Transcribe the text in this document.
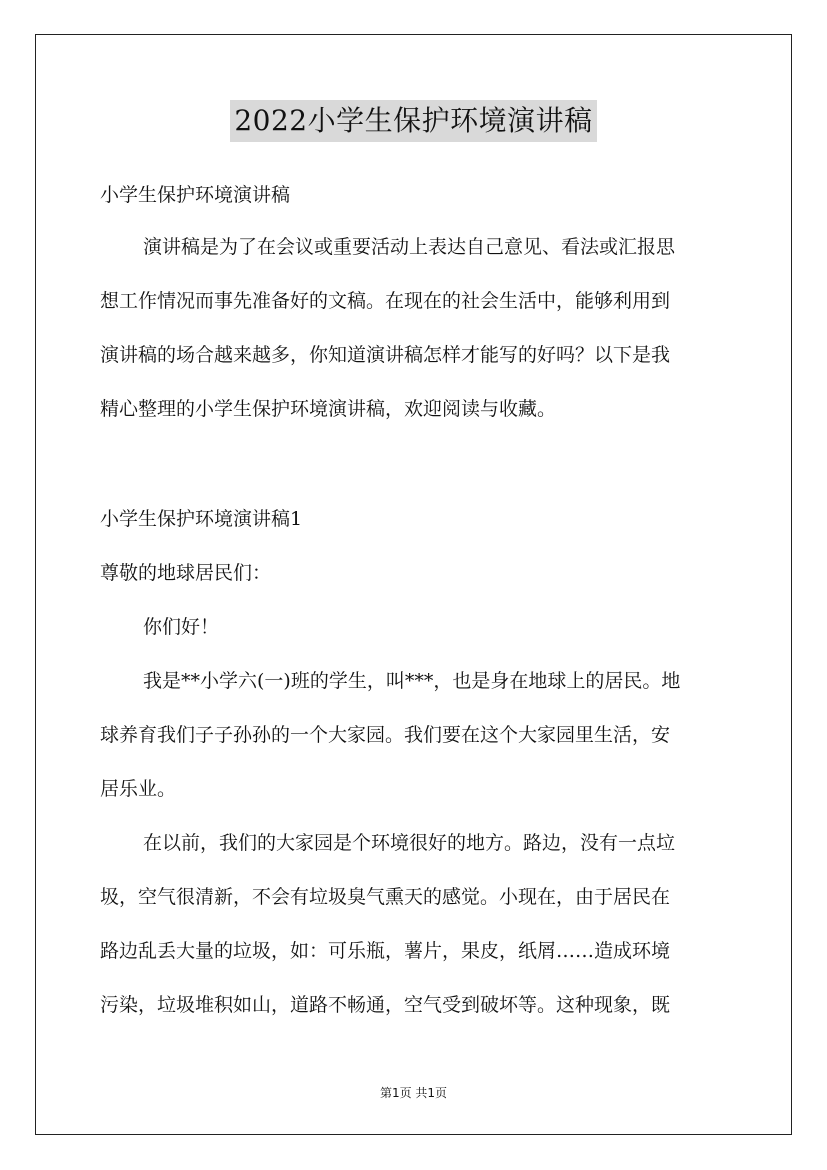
2022小学生保护环境演讲稿
小学生保护环境演讲稿
演讲稿是为了在会议或重要活动上表达自己意见、看法或汇报思
想工作情况而事先准备好的文稿。在现在的社会生活中，能够利用到
演讲稿的场合越来越多，你知道演讲稿怎样才能写的好吗？以下是我
精心整理的小学生保护环境演讲稿，欢迎阅读与收藏。
小学生保护环境演讲稿1
尊敬的地球居民们：
你们好！
我是**小学六(一)班的学生，叫***，也是身在地球上的居民。地
球养育我们子子孙孙的一个大家园。我们要在这个大家园里生活，安
居乐业。
在以前，我们的大家园是个环境很好的地方。路边，没有一点垃
圾，空气很清新，不会有垃圾臭气熏天的感觉。小现在，由于居民在
路边乱丢大量的垃圾，如：可乐瓶，薯片，果皮，纸屑……造成环境
污染，垃圾堆积如山，道路不畅通，空气受到破坏等。这种现象，既
第1页 共1页
